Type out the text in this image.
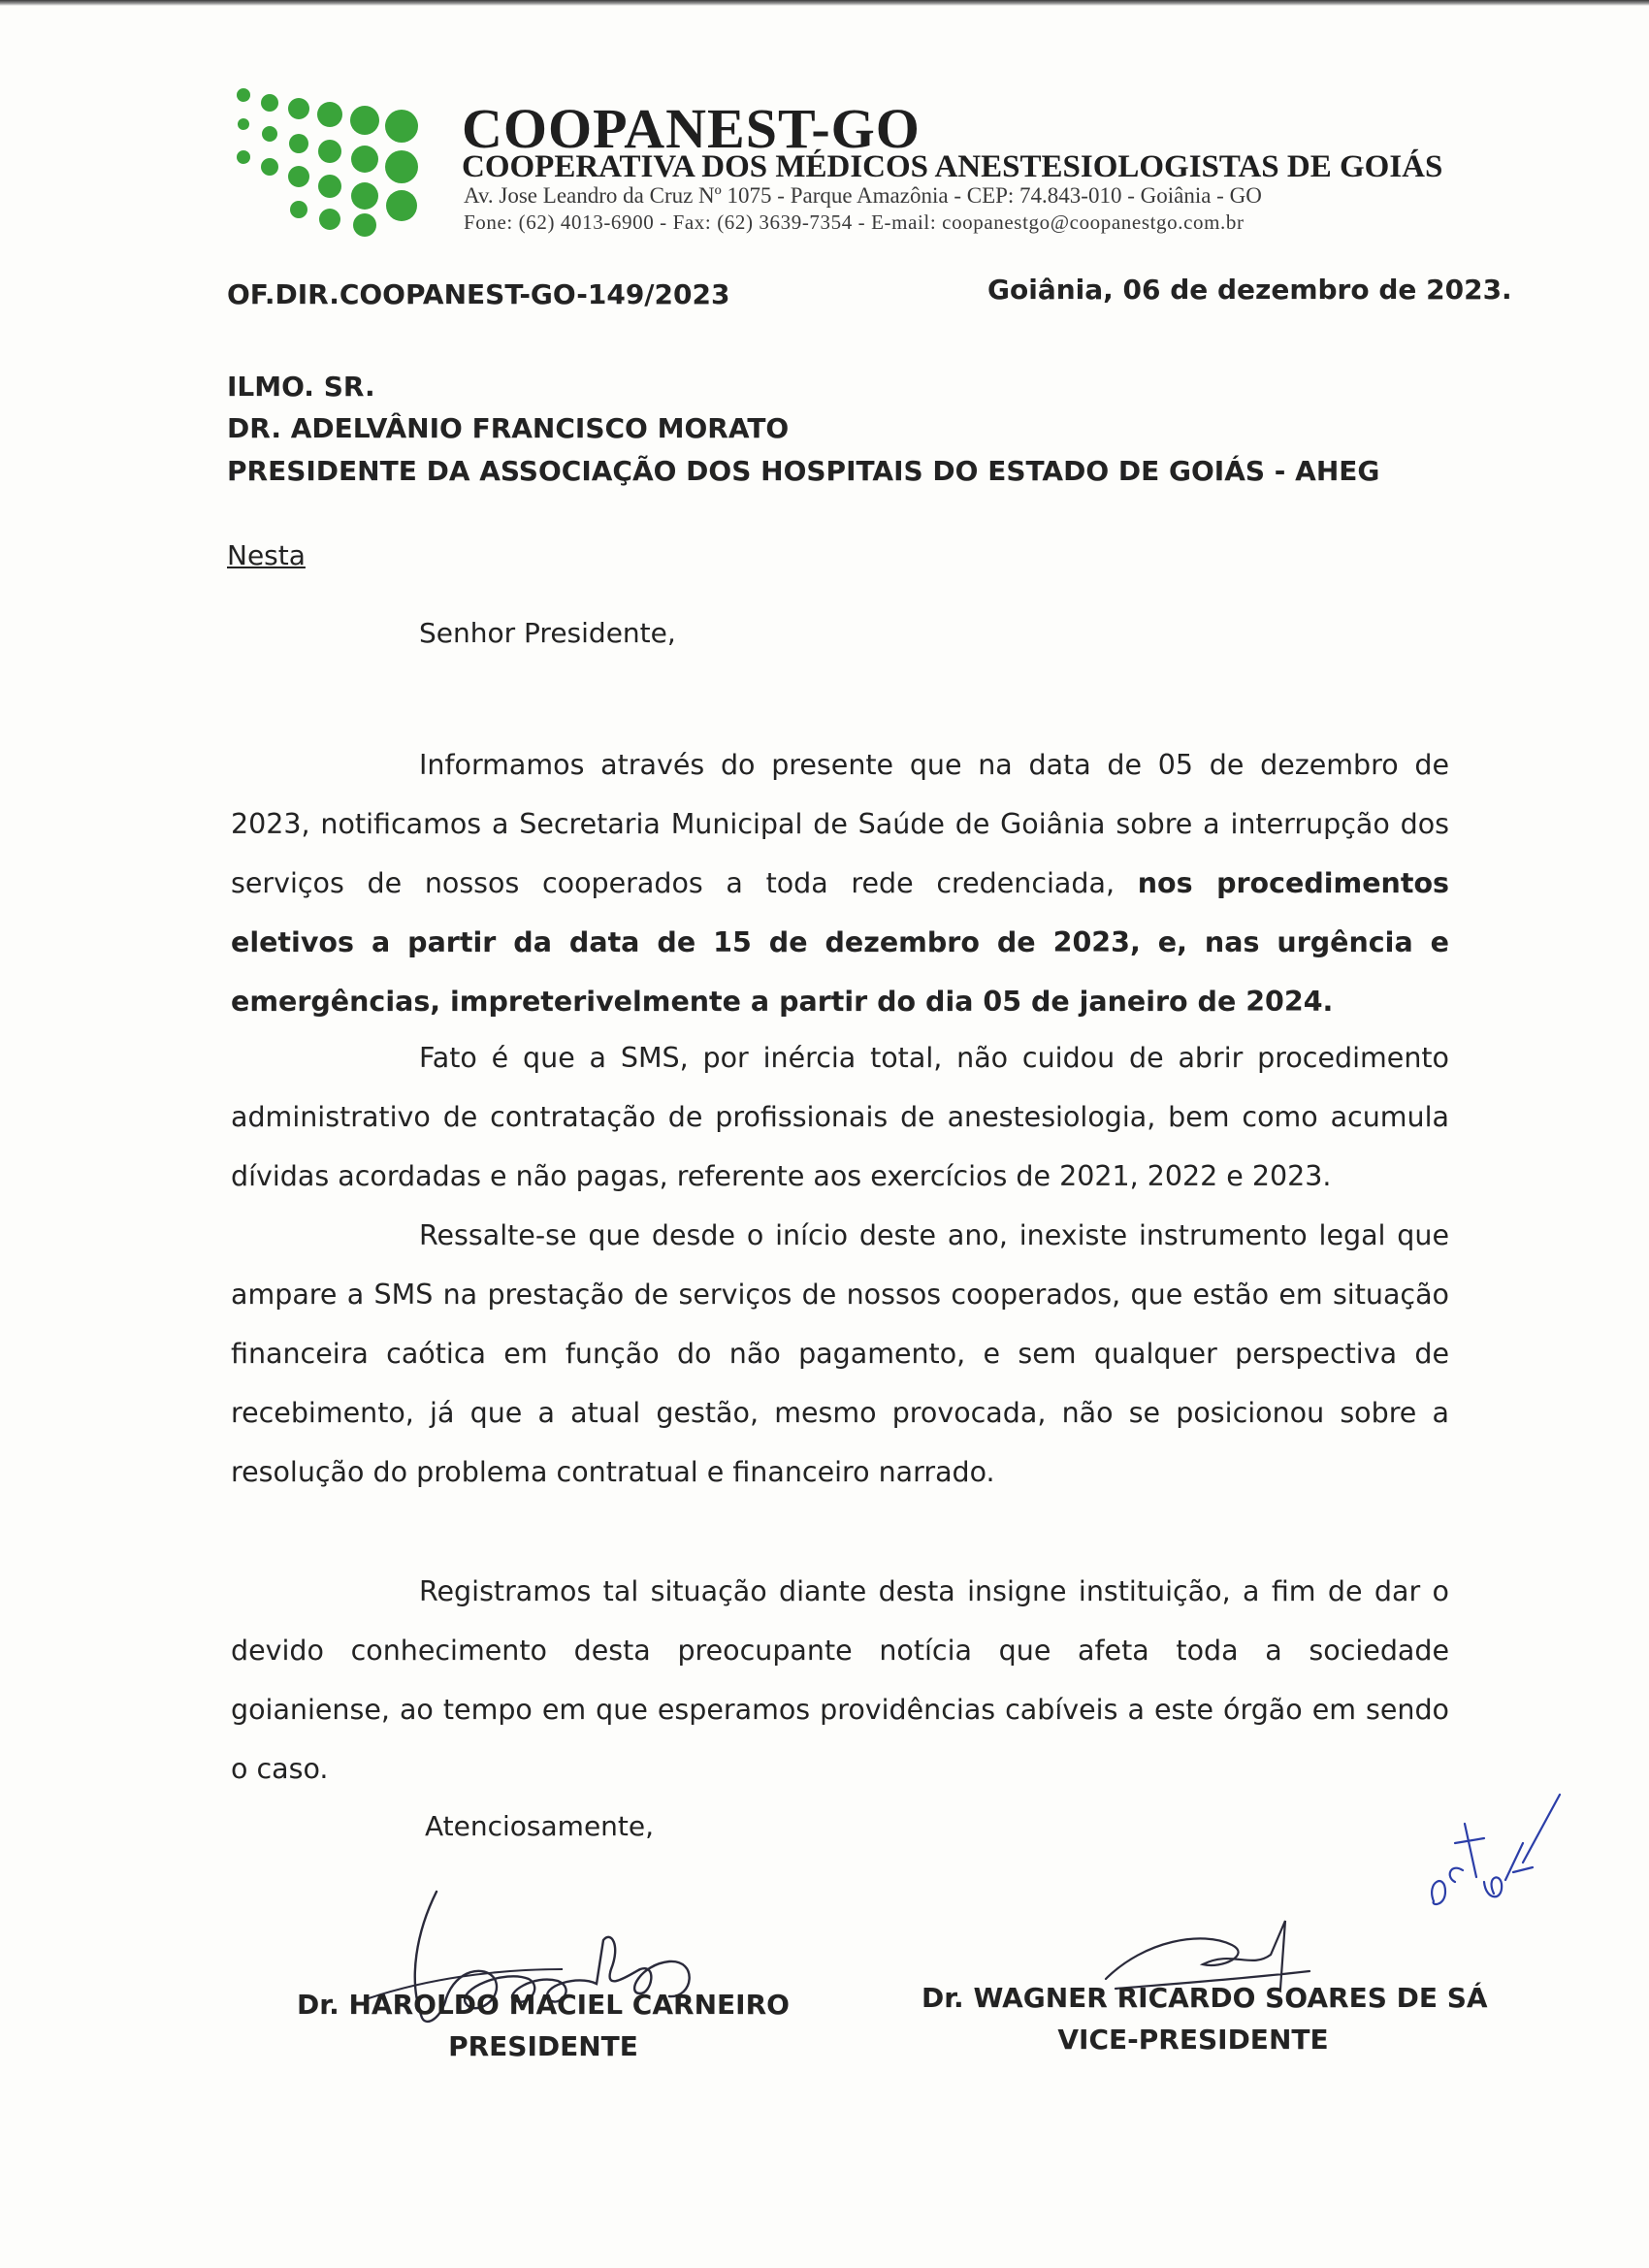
COOPANEST-GO
COOPERATIVA DOS MÉDICOS ANESTESIOLOGISTAS DE GOIÁS
Av. Jose Leandro da Cruz Nº 1075 - Parque Amazônia - CEP: 74.843-010 - Goiânia - GO
Fone: (62) 4013-6900 - Fax: (62) 3639-7354 - E-mail: coopanestgo@coopanestgo.com.br
OF.DIR.COOPANEST-GO-149/2023	Goiânia, 06 de dezembro de 2023.
ILMO. SR.
DR. ADELVÂNIO FRANCISCO MORATO
PRESIDENTE DA ASSOCIAÇÃO DOS HOSPITAIS DO ESTADO DE GOIÁS - AHEG
Nesta
Senhor Presidente,

Informamos através do presente que na data de 05 de dezembro de 2023, notificamos a Secretaria Municipal de Saúde de Goiânia sobre a interrupção dos serviços de nossos cooperados a toda rede credenciada, nos procedimentos eletivos a partir da data de 15 de dezembro de 2023, e, nas urgência e emergências, impreterivelmente a partir do dia 05 de janeiro de 2024.

Fato é que a SMS, por inércia total, não cuidou de abrir procedimento administrativo de contratação de profissionais de anestesiologia, bem como acumula dívidas acordadas e não pagas, referente aos exercícios de 2021, 2022 e 2023.

Ressalte-se que desde o início deste ano, inexiste instrumento legal que ampare a SMS na prestação de serviços de nossos cooperados, que estão em situação financeira caótica em função do não pagamento, e sem qualquer perspectiva de recebimento, já que a atual gestão, mesmo provocada, não se posicionou sobre a resolução do problema contratual e financeiro narrado.

Registramos tal situação diante desta insigne instituição, a fim de dar o devido conhecimento desta preocupante notícia que afeta toda a sociedade goianiense, ao tempo em que esperamos providências cabíveis a este órgão em sendo o caso.

Atenciosamente,
Dr. HAROLDO MACIEL CARNEIRO
PRESIDENTE
Dr. WAGNER RICARDO SOARES DE SÁ
VICE-PRESIDENTE
